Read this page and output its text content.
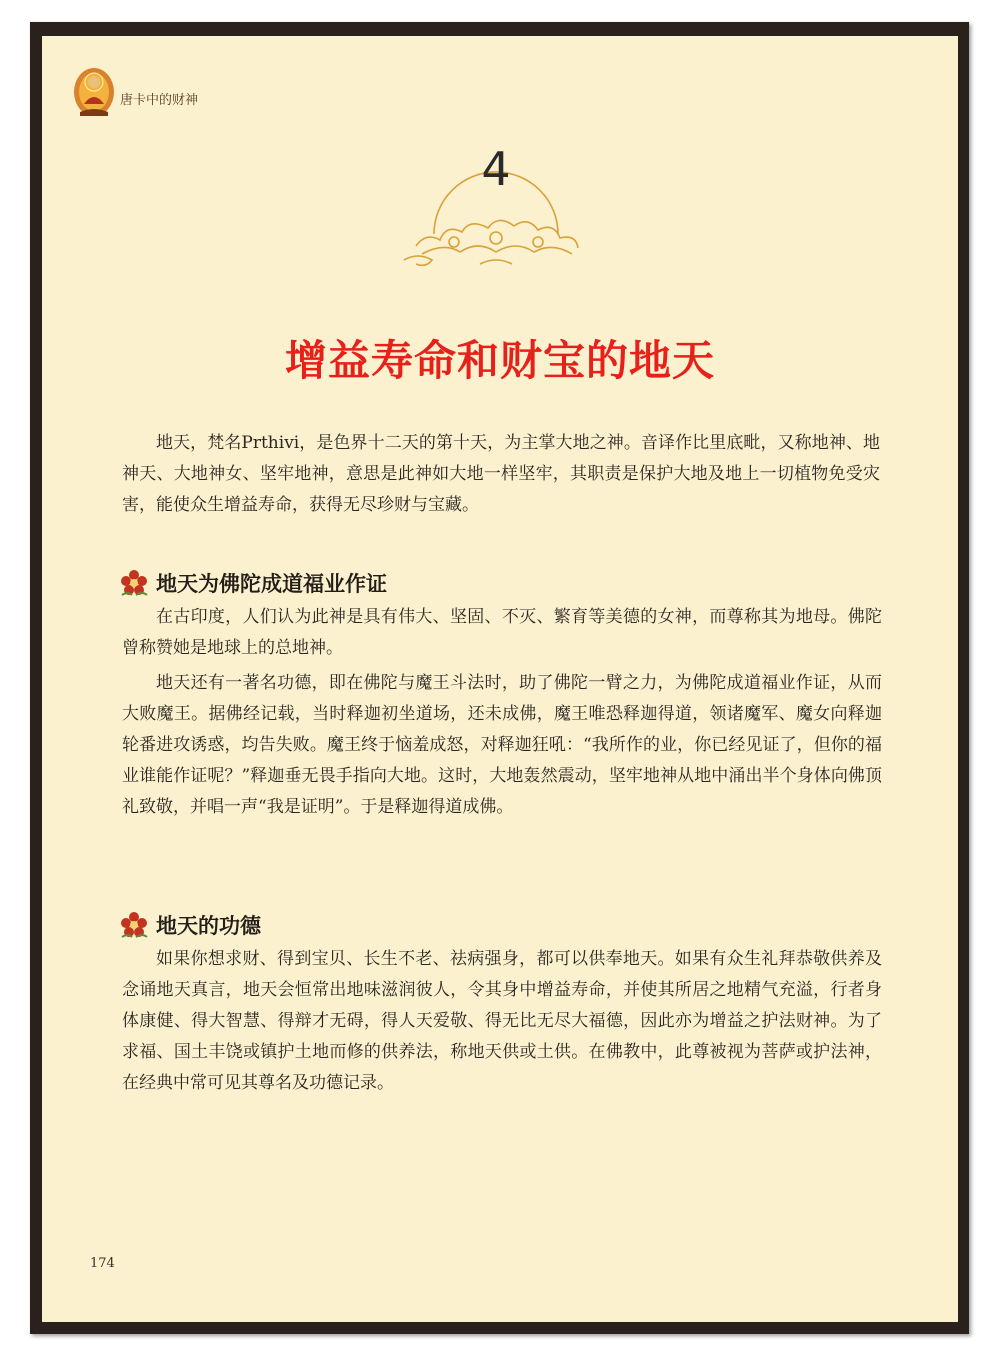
唐卡中的财神
4
增益寿命和财宝的地天

地天，梵名Prthivi，是色界十二天的第十天，为主掌大地之神。音译作比里底毗，又称地神、地神天、大地神女、坚牢地神，意思是此神如大地一样坚牢，其职责是保护大地及地上一切植物免受灾害，能使众生增益寿命，获得无尽珍财与宝藏。

地天为佛陀成道福业作证

在古印度，人们认为此神是具有伟大、坚固、不灭、繁育等美德的女神，而尊称其为地母。佛陀曾称赞她是地球上的总地神。

地天还有一著名功德，即在佛陀与魔王斗法时，助了佛陀一臂之力，为佛陀成道福业作证，从而大败魔王。据佛经记载，当时释迦初坐道场，还未成佛，魔王唯恐释迦得道，领诸魔军、魔女向释迦轮番进攻诱惑，均告失败。魔王终于恼羞成怒，对释迦狂吼：“我所作的业，你已经见证了，但你的福业谁能作证呢？”释迦垂无畏手指向大地。这时，大地轰然震动，坚牢地神从地中涌出半个身体向佛顶礼致敬，并唱一声“我是证明”。于是释迦得道成佛。

地天的功德

如果你想求财、得到宝贝、长生不老、祛病强身，都可以供奉地天。如果有众生礼拜恭敬供养及念诵地天真言，地天会恒常出地味滋润彼人，令其身中增益寿命，并使其所居之地精气充溢，行者身体康健、得大智慧、得辩才无碍，得人天爱敬、得无比无尽大福德，因此亦为增益之护法财神。为了求福、国土丰饶或镇护土地而修的供养法，称地天供或土供。在佛教中，此尊被视为菩萨或护法神，在经典中常可见其尊名及功德记录。

174
